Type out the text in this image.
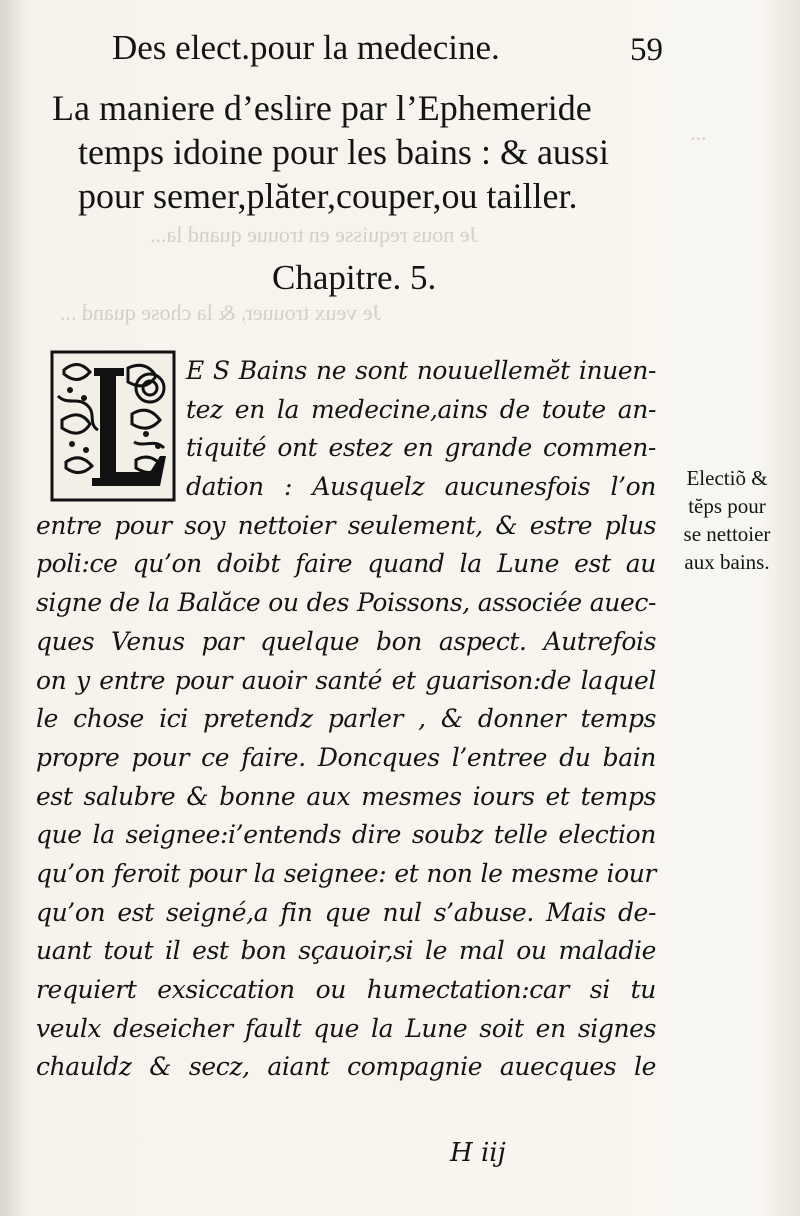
Je nous requisse en trouue quand la...
Je veux trouuer, & la chose quand ...
...
Des elect.pour la medecine.	59
La maniere d’eslire par l’Ephemeride
temps idoine pour les bains : & aussi
pour semer,plăter,couper,ou tailler.
Chapitre. 5.
E S Bains ne sont nouuellemĕt inuen-
tez en la medecine,ains de toute an-
tiquité ont estez en grande commen-
dation : Ausquelz aucunesfois l’on
entre pour soy nettoier seulement, & estre plus
poli:ce qu’on doibt faire quand la Lune est au
signe de la Balăce ou des Poissons, associée auec-
ques Venus par quelque bon aspect. Autrefois
on y entre pour auoir santé et guarison:de laquel
le chose ici pretendz parler , & donner temps
propre pour ce faire. Doncques l’entree du bain
est salubre & bonne aux mesmes iours et temps
que la seignee:i’entends dire soubz telle election
qu’on feroit pour la seignee: et non le mesme iour
qu’on est seigné,a fin que nul s’abuse. Mais de-
uant tout il est bon sçauoir,si le mal ou maladie
requiert exsiccation ou humectation:car si tu
veulx deseicher fault que la Lune soit en signes
chauldz & secz, aiant compagnie auecques le
Electiõ &
tĕps pour
se nettoier
aux bains.
H iij
